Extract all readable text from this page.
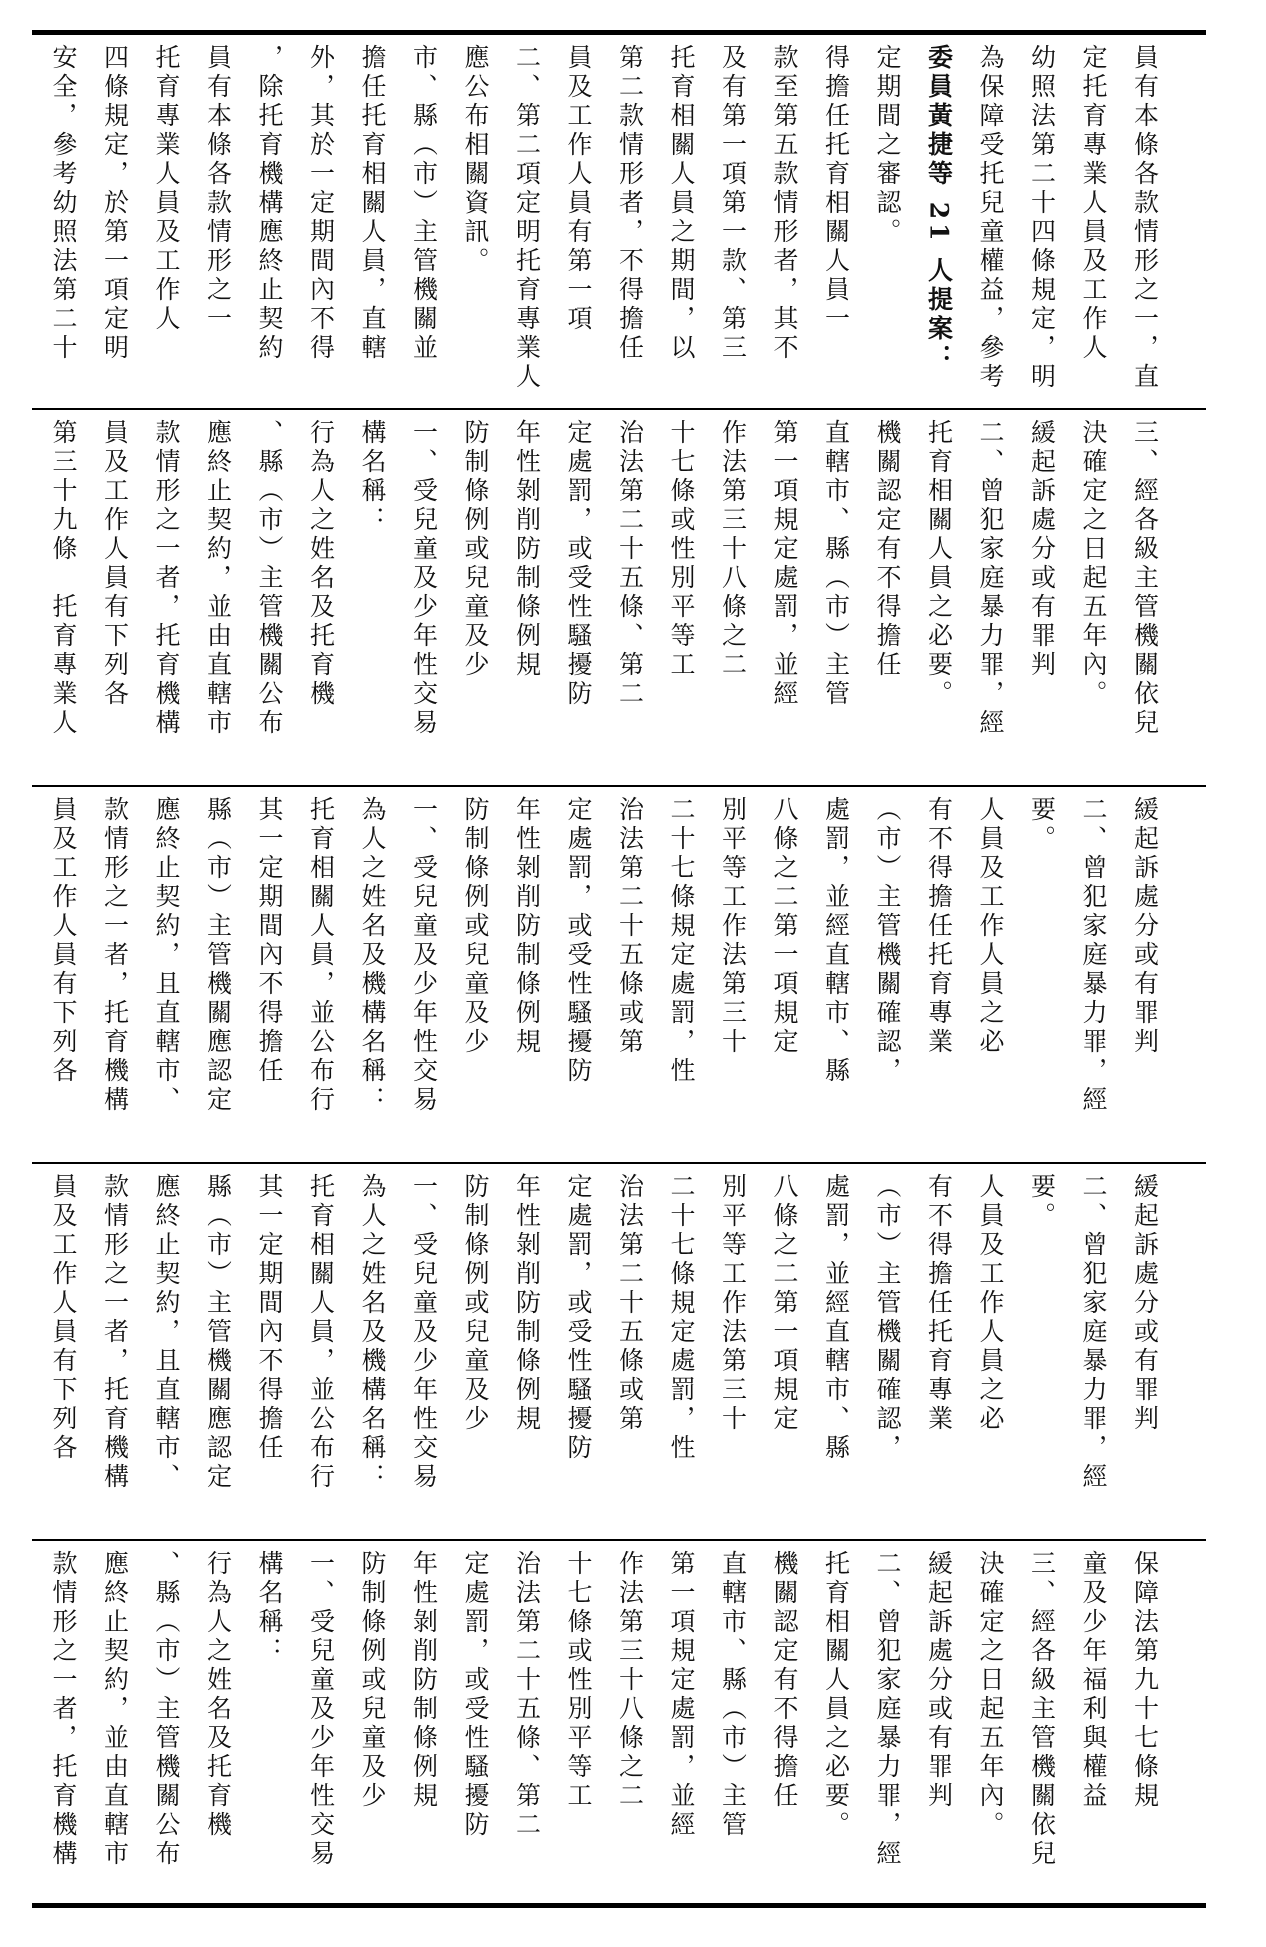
安全，參考幼照法第二十 四條規定，於第一項定明 托育專業人員及工作人 員有本條各款情形之一 ，除托育機構應終止契約 外，其於一定期間內不得 擔任托育相關人員，直轄 市、縣（市）主管機關並 應公布相關資訊。 二、第二項定明托育專業人 員及工作人員有第一項 第二款情形者，不得擔任 托育相關人員之期間，以 及有第一項第一款、第三 款至第五款情形者，其不 得擔任托育相關人員一 定期間之審認。 委員黃捷等 21 人提案： 為保障受托兒童權益，參考 幼照法第二十四條規定，明 定托育專業人員及工作人 員有本條各款情形之一，直
第三十九條　托育專業人 員及工作人員有下列各 款情形之一者，托育機構 應終止契約，並由直轄市 、縣（市）主管機關公布 行為人之姓名及托育機 構名稱： 一、受兒童及少年性交易 防制條例或兒童及少 年性剝削防制條例規 定處罰，或受性騷擾防 治法第二十五條、第二 十七條或性別平等工 作法第三十八條之二 第一項規定處罰，並經 直轄市、縣（市）主管 機關認定有不得擔任 托育相關人員之必要。 二、曾犯家庭暴力罪，經 緩起訴處分或有罪判 決確定之日起五年內。 三、經各級主管機關依兒
員及工作人員有下列各 款情形之一者，托育機構 應終止契約，且直轄市、 縣（市）主管機關應認定 其一定期間內不得擔任 托育相關人員，並公布行 為人之姓名及機構名稱： 一、受兒童及少年性交易 防制條例或兒童及少 年性剝削防制條例規 定處罰，或受性騷擾防 治法第二十五條或第 二十七條規定處罰，性 別平等工作法第三十 八條之二第一項規定 處罰，並經直轄市、縣 （市）主管機關確認， 有不得擔任托育專業 人員及工作人員之必 要。 二、曾犯家庭暴力罪，經 緩起訴處分或有罪判
員及工作人員有下列各 款情形之一者，托育機構 應終止契約，且直轄市、 縣（市）主管機關應認定 其一定期間內不得擔任 托育相關人員，並公布行 為人之姓名及機構名稱： 一、受兒童及少年性交易 防制條例或兒童及少 年性剝削防制條例規 定處罰，或受性騷擾防 治法第二十五條或第 二十七條規定處罰，性 別平等工作法第三十 八條之二第一項規定 處罰，並經直轄市、縣 （市）主管機關確認， 有不得擔任托育專業 人員及工作人員之必 要。 二、曾犯家庭暴力罪，經 緩起訴處分或有罪判
款情形之一者，托育機構 應終止契約，並由直轄市 、縣（市）主管機關公布 行為人之姓名及托育機 構名稱： 一、受兒童及少年性交易 防制條例或兒童及少 年性剝削防制條例規 定處罰，或受性騷擾防 治法第二十五條、第二 十七條或性別平等工 作法第三十八條之二 第一項規定處罰，並經 直轄市、縣（市）主管 機關認定有不得擔任 托育相關人員之必要。 二、曾犯家庭暴力罪，經 緩起訴處分或有罪判 決確定之日起五年內。 三、經各級主管機關依兒 童及少年福利與權益 保障法第九十七條規
